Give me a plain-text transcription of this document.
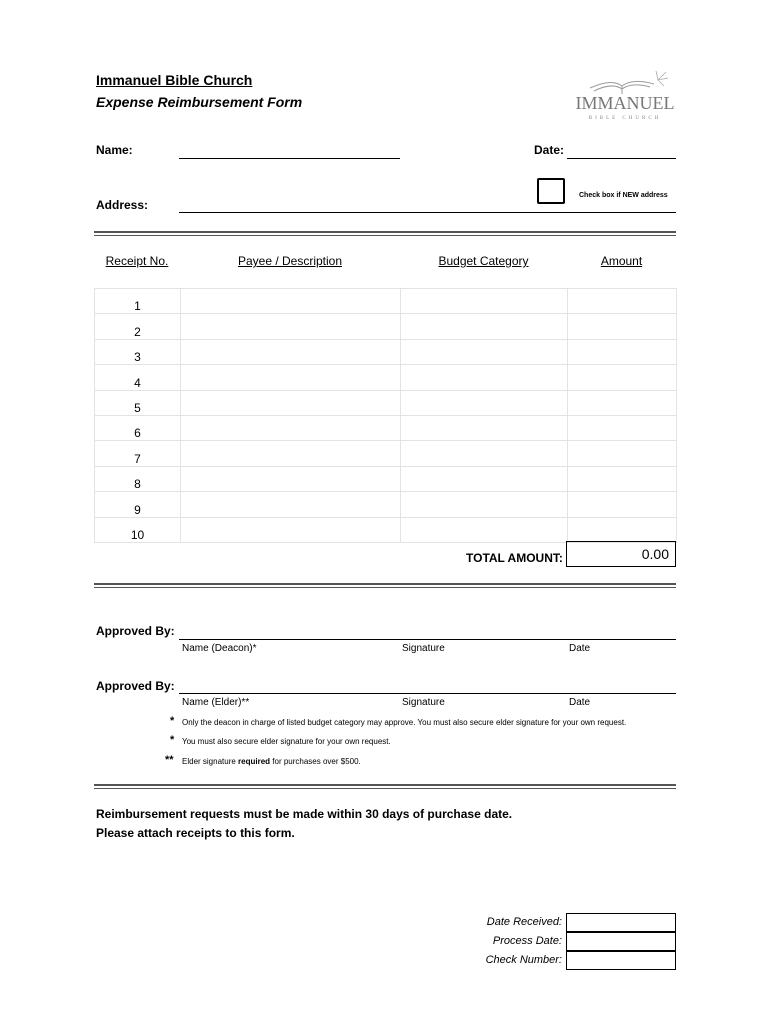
Immanuel Bible Church
Expense Reimbursement Form	IMMANUEL
BIBLE CHURCH
Name:	Date:
Check box if NEW address
Address:
Receipt No.	Payee / Description	Budget Category	Amount
1			
2			
3			
4			
5			
6			
7			
8			
9			
10			
TOTAL AMOUNT:	0.00
Approved By:
Name (Deacon)*	Signature	Date
Approved By:
Name (Elder)**	Signature	Date
* Only the deacon in charge of listed budget category may approve. You must also secure elder signature for your own request.
* You must also secure elder signature for your own request.
** Elder signature required for purchases over $500.
Reimbursement requests must be made within 30 days of purchase date.
Please attach receipts to this form.
Date Received:
Process Date:
Check Number:
